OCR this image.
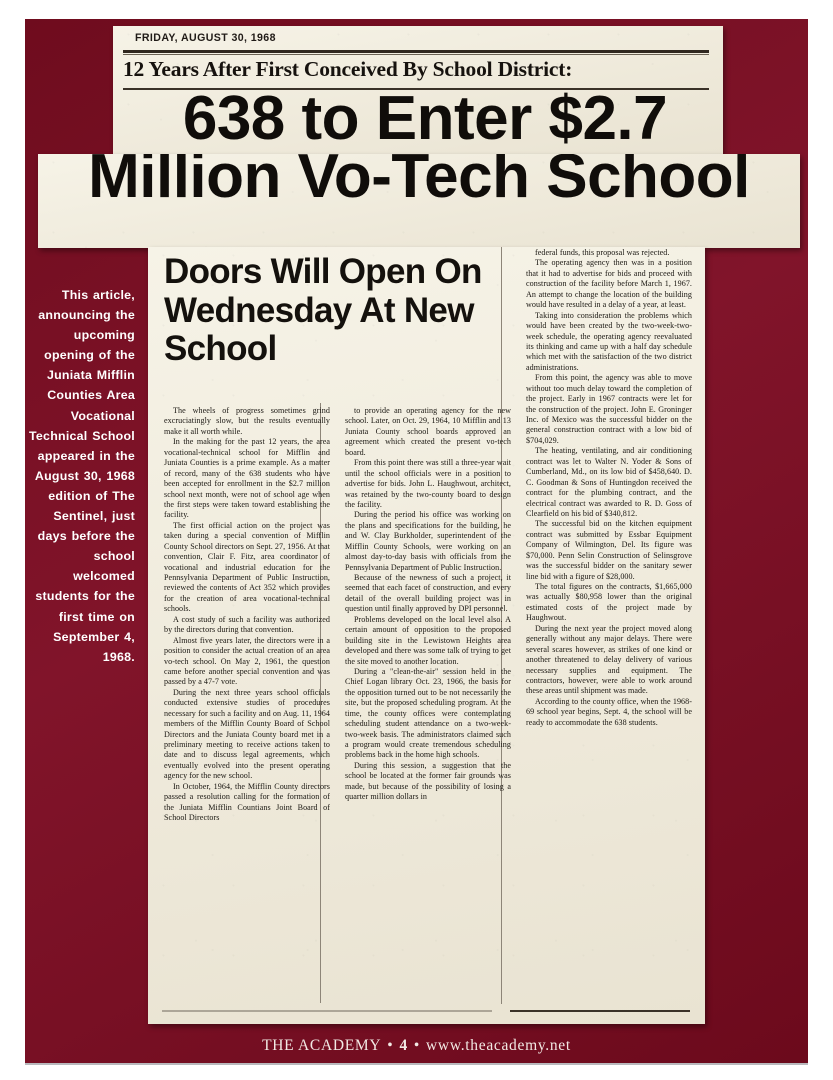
This article, announcing the upcoming opening of the Juniata Mifflin Counties Area Vocational Technical School appeared in the August 30, 1968 edition of The Sentinel, just days before the school welcomed students for the first time on September 4, 1968.
FRIDAY, AUGUST 30, 1968
12 Years After First Conceived By School District:
638 to Enter $2.7
Million Vo-Tech School
Doors Will Open On Wednesday At New School

The wheels of progress sometimes grind excruciatingly slow, but the results eventually make it all worth while.

In the making for the past 12 years, the area vocational-technical school for Mifflin and Juniata Counties is a prime example. As a matter of record, many of the 638 students who have been accepted for enrollment in the $2.7 million school next month, were not of school age when the first steps were taken toward establishing the facility.

The first official action on the project was taken during a special convention of Mifflin County School directors on Sept. 27, 1956. At that convention, Clair F. Fitz, area coordinator of vocational and industrial education for the Pennsylvania Department of Public Instruction, reviewed the contents of Act 352 which provides for the creation of area vocational-technical schools.

A cost study of such a facility was authorized by the directors during that convention.

Almost five years later, the directors were in a position to consider the actual creation of an area vo-tech school. On May 2, 1961, the question came before another special convention and was passed by a 47-7 vote.

During the next three years school officials conducted extensive studies of procedures necessary for such a facility and on Aug. 11, 1964 members of the Mifflin County Board of School Directors and the Juniata County board met in a preliminary meeting to receive actions taken to date and to discuss legal agreements, which eventually evolved into the present operating agency for the new school.

In October, 1964, the Mifflin County directors passed a resolution calling for the formation of the Juniata Mifflin Countians Joint Board of School Directors

to provide an operating agency for the new school. Later, on Oct. 29, 1964, 10 Mifflin and 13 Juniata County school boards approved an agreement which created the present vo-tech board.

From this point there was still a three-year wait until the school officials were in a position to advertise for bids. John L. Haughwout, architect, was retained by the two-county board to design the facility.

During the period his office was working on the plans and specifications for the building, he and W. Clay Burkholder, superintendent of the Mifflin County Schools, were working on an almost day-to-day basis with officials from the Pennsylvania Department of Public Instruction.

Because of the newness of such a project, it seemed that each facet of construction, and every detail of the overall building project was in question until finally approved by DPI personnel.

Problems developed on the local level also. A certain amount of opposition to the proposed building site in the Lewistown Heights area developed and there was some talk of trying to get the site moved to another location.

During a "clean-the-air" session held in the Chief Logan library Oct. 23, 1966, the basis for the opposition turned out to be not necessarily the site, but the proposed scheduling program. At the time, the county offices were contemplating scheduling student attendance on a two-week-two-week basis. The administrators claimed such a program would create tremendous scheduling problems back in the home high schools.

During this session, a suggestion that the school be located at the former fair grounds was made, but because of the possibility of losing a quarter million dollars in

federal funds, this proposal was rejected.

The operating agency then was in a position that it had to advertise for bids and proceed with construction of the facility before March 1, 1967. An attempt to change the location of the building would have resulted in a delay of a year, at least.

Taking into consideration the problems which would have been created by the two-week-two-week schedule, the operating agency reevaluated its thinking and came up with a half day schedule which met with the satisfaction of the two district administrations.

From this point, the agency was able to move without too much delay toward the completion of the project. Early in 1967 contracts were let for the construction of the project. John E. Groninger Inc. of Mexico was the successful bidder on the general construction contract with a low bid of $704,029.

The heating, ventilating, and air conditioning contract was let to Walter N. Yoder & Sons of Cumberland, Md., on its low bid of $458,640. D. C. Goodman & Sons of Huntingdon received the contract for the plumbing contract, and the electrical contract was awarded to R. D. Goss of Clearfield on his bid of $340,812.

The successful bid on the kitchen equipment contract was submitted by Essbar Equipment Company of Wilmington, Del. Its figure was $70,000. Penn Selin Construction of Selinsgrove was the successful bidder on the sanitary sewer line bid with a figure of $28,000.

The total figures on the contracts, $1,665,000 was actually $80,958 lower than the original estimated costs of the project made by Haughwout.

During the next year the project moved along generally without any major delays. There were several scares however, as strikes of one kind or another threatened to delay delivery of various necessary supplies and equipment. The contractors, however, were able to work around these areas until shipment was made.

According to the county office, when the 1968-69 school year begins, Sept. 4, the school will be ready to accommodate the 638 students.

THE ACADEMY • 4 • www.theacademy.net
